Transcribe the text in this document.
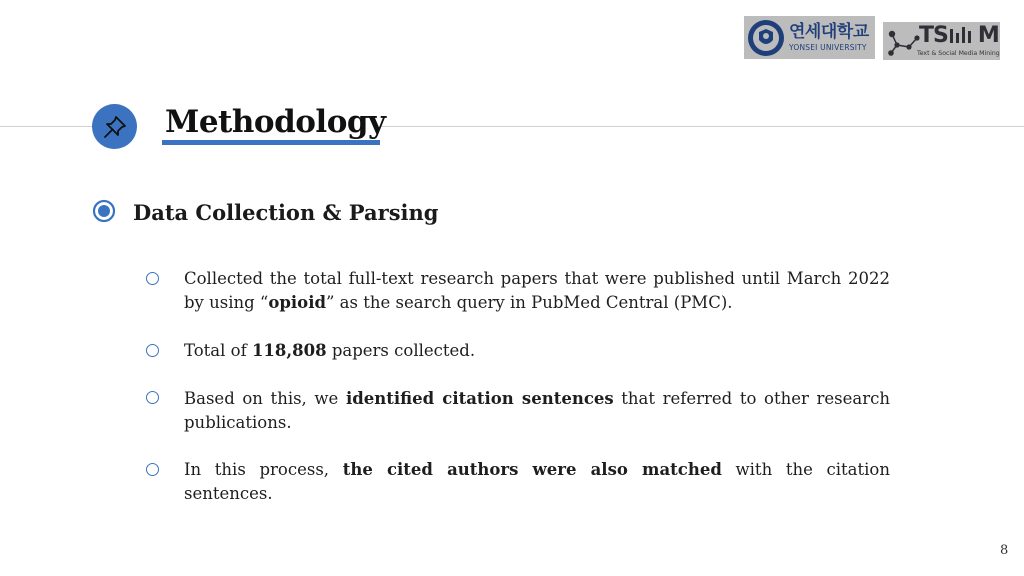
연세대학교
YONSEI UNIVERSITY TS M
Text & Social Media Mining
Methodology
Data Collection & Parsing
Collected the total full-text research papers that were published until March 2022 by using “opioid” as the search query in PubMed Central (PMC).
Total of 118,808 papers collected.
Based on this, we identified citation sentences that referred to other research publications.
In this process, the cited authors were also matched with the citation sentences.
8
